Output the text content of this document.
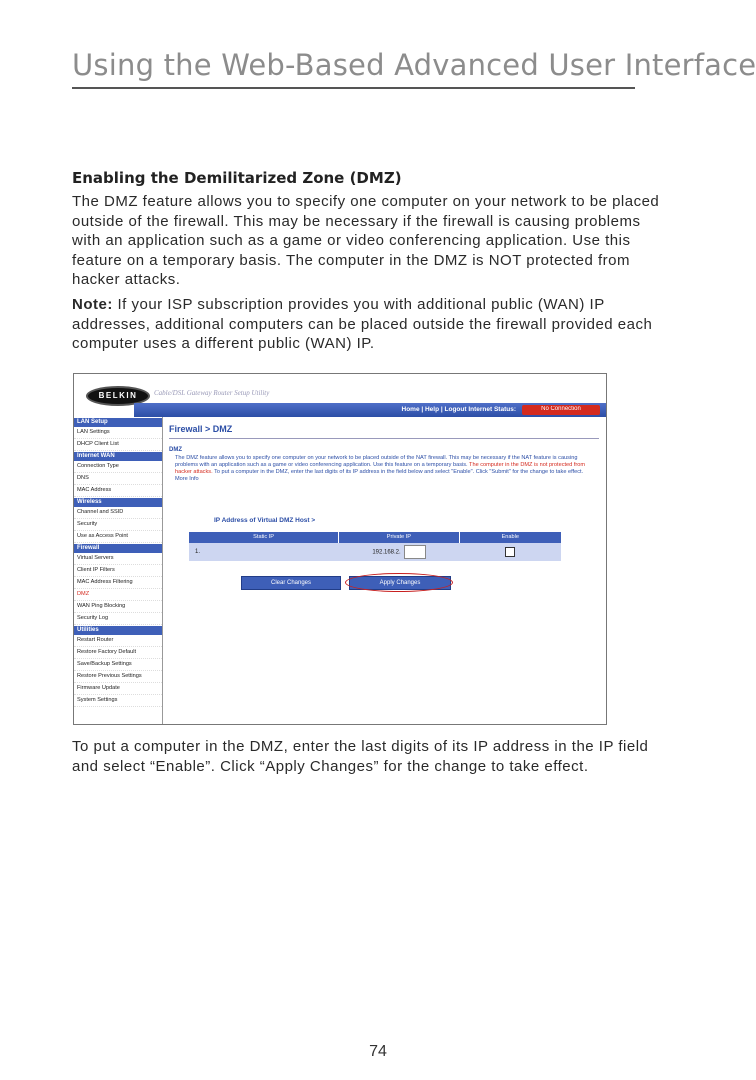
Using the Web-Based Advanced User Interface
Enabling the Demilitarized Zone (DMZ)
The DMZ feature allows you to specify one computer on your network to be placed outside of the firewall. This may be necessary if the firewall is causing problems with an application such as a game or video conferencing application. Use this feature on a temporary basis. The computer in the DMZ is NOT protected from hacker attacks.
Note: If your ISP subscription provides you with additional public (WAN) IP addresses, additional computers can be placed outside the firewall provided each computer uses a different public (WAN) IP.
BELKIN	Cable/DSL Gateway Router Setup Utility
Home | Help | Logout Internet Status:	No Connection
LAN Setup
LAN Settings
DHCP Client List
Internet WAN
Connection Type
DNS
MAC Address
Wireless
Channel and SSID
Security
Use as Access Point
Firewall
Virtual Servers
Client IP Filters
MAC Address Filtering
DMZ
WAN Ping Blocking
Security Log
Utilities
Restart Router
Restore Factory Default
Save/Backup Settings
Restore Previous Settings
Firmware Update
System Settings
Firewall > DMZ
DMZ
The DMZ feature allows you to specify one computer on your network to be placed outside of the NAT firewall. This may be necessary if the NAT feature is causing problems with an application such as a game or video conferencing application. Use this feature on a temporary basis. The computer in the DMZ is not protected from hacker attacks. To put a computer in the DMZ, enter the last digits of its IP address in the field below and select "Enable". Click "Submit" for the change to take effect. More Info
IP Address of Virtual DMZ Host >
Static IP	Private IP	Enable
1.	192.168.2.
Clear Changes	Apply Changes
To put a computer in the DMZ, enter the last digits of its IP address in the IP field and select “Enable”. Click “Apply Changes” for the change to take effect.
74
